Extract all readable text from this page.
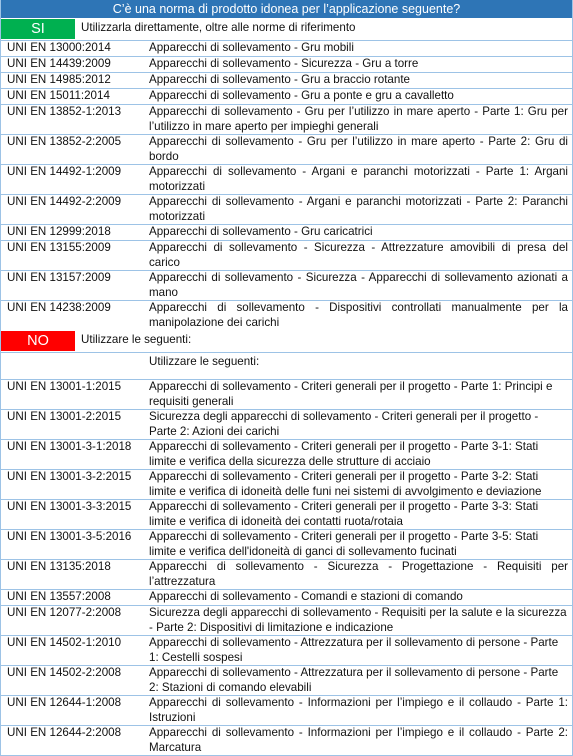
C’è una norma di prodotto idonea per l’applicazione seguente?
SI	Utilizzarla direttamente, oltre alle norme di riferimento
UNI EN 13000:2014	Apparecchi di sollevamento - Gru mobili
UNI EN 14439:2009	Apparecchi di sollevamento - Sicurezza - Gru a torre
UNI EN 14985:2012	Apparecchi di sollevamento - Gru a braccio rotante
UNI EN 15011:2014	Apparecchi di sollevamento - Gru a ponte e gru a cavalletto
UNI EN 13852-1:2013	Apparecchi di sollevamento - Gru per l’utilizzo in mare aperto - Parte 1: Gru per l’utilizzo in mare aperto per impieghi generali
UNI EN 13852-2:2005	Apparecchi di sollevamento - Gru per l’utilizzo in mare aperto - Parte 2: Gru di bordo
UNI EN 14492-1:2009	Apparecchi di sollevamento - Argani e paranchi motorizzati - Parte 1: Argani motorizzati
UNI EN 14492-2:2009	Apparecchi di sollevamento - Argani e paranchi motorizzati - Parte 2: Paranchi motorizzati
UNI EN 12999:2018	Apparecchi di sollevamento - Gru caricatrici
UNI EN 13155:2009	Apparecchi di sollevamento - Sicurezza - Attrezzature amovibili di presa del carico
UNI EN 13157:2009	Apparecchi di sollevamento - Sicurezza - Apparecchi di sollevamento azionati a mano
UNI EN 14238:2009	Apparecchi di sollevamento - Dispositivi controllati manualmente per la manipolazione dei carichi
NO	Utilizzare le seguenti:
Utilizzare le seguenti:
UNI EN 13001-1:2015	Apparecchi di sollevamento - Criteri generali per il progetto - Parte 1: Principi e requisiti generali
UNI EN 13001-2:2015	Sicurezza degli apparecchi di sollevamento - Criteri generali per il progetto - Parte 2: Azioni dei carichi
UNI EN 13001-3-1:2018	Apparecchi di sollevamento - Criteri generali per il progetto - Parte 3-1: Stati limite e verifica della sicurezza delle strutture di acciaio
UNI EN 13001-3-2:2015	Apparecchi di sollevamento - Criteri generali per il progetto - Parte 3-2: Stati limite e verifica di idoneità delle funi nei sistemi di avvolgimento e deviazione
UNI EN 13001-3-3:2015	Apparecchi di sollevamento - Criteri generali per il progetto - Parte 3-3: Stati limite e verifica di idoneità dei contatti ruota/rotaia
UNI EN 13001-3-5:2016	Apparecchi di sollevamento - Criteri generali per il progetto - Parte 3-5: Stati limite e verifica dell'idoneità di ganci di sollevamento fucinati
UNI EN 13135:2018	Apparecchi di sollevamento - Sicurezza - Progettazione - Requisiti per l’attrezzatura
UNI EN 13557:2008	Apparecchi di sollevamento - Comandi e stazioni di comando
UNI EN 12077-2:2008	Sicurezza degli apparecchi di sollevamento - Requisiti per la salute e la sicurezza - Parte 2: Dispositivi di limitazione e indicazione
UNI EN 14502-1:2010	Apparecchi di sollevamento - Attrezzatura per il sollevamento di persone - Parte 1: Cestelli sospesi
UNI EN 14502-2:2008	Apparecchi di sollevamento - Attrezzatura per il sollevamento di persone - Parte 2: Stazioni di comando elevabili
UNI EN 12644-1:2008	Apparecchi di sollevamento - Informazioni per l’impiego e il collaudo - Parte 1: Istruzioni
UNI EN 12644-2:2008	Apparecchi di sollevamento - Informazioni per l’impiego e il collaudo - Parte 2: Marcatura
